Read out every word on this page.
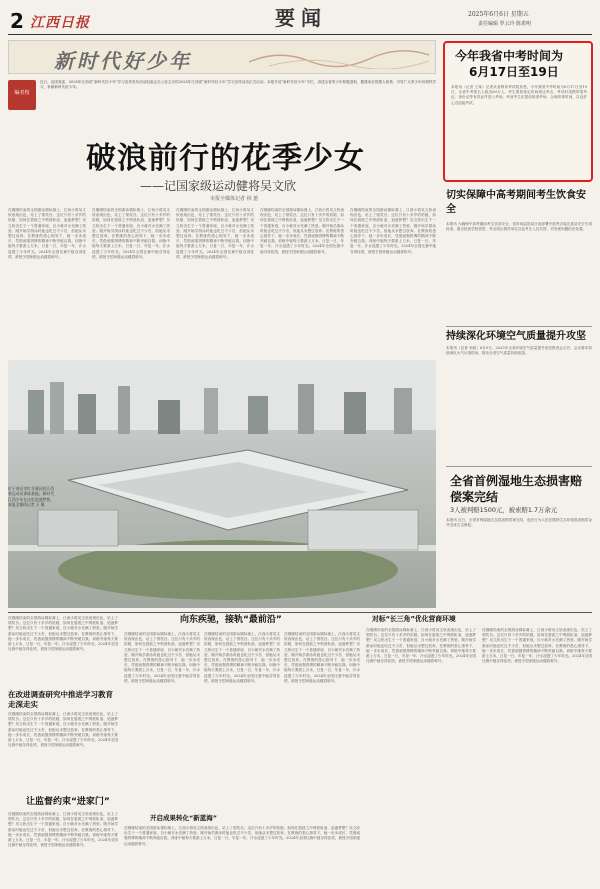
2 江西日报	要闻	2025年6月6日 星期五
责任编辑 罗云玲 陈希明
新时代好少年
编者按
近日，由团省委、2025年江西省“新时代好少年”学习宣传发布活动组委会办公室主办的2025年江西省“新时代好少年”学习宣传活动正式启动。本报开设“新时代好少年”专栏，讲述全省青少年积极进取、健康成长的感人故事，引导广大青少年向榜样学习，争做新时代好少年。
破浪前行的花季少女
——记国家级运动健将吴文欣
本报全媒体记者 林 蕙
在刚刚结束的全国游泳锦标赛上，江西小将吴文欣表现出色，站上了领奖台。这位只有十多岁的姑娘，如何在碧波之中劈波斩浪、追逐梦想？吴文欣出生于一个普通家庭，自小就对水充满了热爱。刚开始学游泳时她也吃过不少苦，但她从未想过放弃。在教练的悉心指导下，她一步步成长，凭借顽强拼搏的精神不断突破自我。训练中她每天要游上万米，日复一日，年复一年，汗水浸透了少年时光。2024年全国比赛中她夺得佳绩，被授予国家级运动健将称号。
在刚刚结束的全国游泳锦标赛上，江西小将吴文欣表现出色，站上了领奖台。这位只有十多岁的姑娘，如何在碧波之中劈波斩浪、追逐梦想？吴文欣出生于一个普通家庭，自小就对水充满了热爱。刚开始学游泳时她也吃过不少苦，但她从未想过放弃。在教练的悉心指导下，她一步步成长，凭借顽强拼搏的精神不断突破自我。训练中她每天要游上万米，日复一日，年复一年，汗水浸透了少年时光。2024年全国比赛中她夺得佳绩，被授予国家级运动健将称号。
在刚刚结束的全国游泳锦标赛上，江西小将吴文欣表现出色，站上了领奖台。这位只有十多岁的姑娘，如何在碧波之中劈波斩浪、追逐梦想？吴文欣出生于一个普通家庭，自小就对水充满了热爱。刚开始学游泳时她也吃过不少苦，但她从未想过放弃。在教练的悉心指导下，她一步步成长，凭借顽强拼搏的精神不断突破自我。训练中她每天要游上万米，日复一日，年复一年，汗水浸透了少年时光。2024年全国比赛中她夺得佳绩，被授予国家级运动健将称号。
在刚刚结束的全国游泳锦标赛上，江西小将吴文欣表现出色，站上了领奖台。这位只有十多岁的姑娘，如何在碧波之中劈波斩浪、追逐梦想？吴文欣出生于一个普通家庭，自小就对水充满了热爱。刚开始学游泳时她也吃过不少苦，但她从未想过放弃。在教练的悉心指导下，她一步步成长，凭借顽强拼搏的精神不断突破自我。训练中她每天要游上万米，日复一日，年复一年，汗水浸透了少年时光。2024年全国比赛中她夺得佳绩，被授予国家级运动健将称号。
在刚刚结束的全国游泳锦标赛上，江西小将吴文欣表现出色，站上了领奖台。这位只有十多岁的姑娘，如何在碧波之中劈波斩浪、追逐梦想？吴文欣出生于一个普通家庭，自小就对水充满了热爱。刚开始学游泳时她也吃过不少苦，但她从未想过放弃。在教练的悉心指导下，她一步步成长，凭借顽强拼搏的精神不断突破自我。训练中她每天要游上万米，日复一日，年复一年，汗水浸透了少年时光。2024年全国比赛中她夺得佳绩，被授予国家级运动健将称号。
位于南昌市红谷滩区的江西省运动员训练基地。新时代江西少年在这里追逐梦想。本报全媒体记者 王 摄
今年我省中考时间为
6月17日至19日
本报讯（记者 王琛）记者从省教育考试院获悉，今年我省中考时间为6月17日至19日，全省中考报名人数近60万人。考生要按规定时间到达考点，考试时须携带准考证、身份证等有效证件进入考场。考前考生应提前熟悉考场，合理安排时间，以良好心态迎接考试。
切实保障中高考期间考生饮食安全
本报讯 为确保中高考期间考生饮食安全，省市场监管局日前部署开展考点周边食品安全专项检查，重点检查学校食堂、考点周边餐饮单位以及考生入住宾馆，对发现问题依法处置。
持续深化环境空气质量提升攻坚
本报讯（记者 李政）6月5日，2025年全省环境空气质量提升攻坚推进会召开，会议要求持续深化大气污染防治，推动全省空气质量持续改善。
全省首例湿地生态损害赔偿案完结
3人被判赔1500元，被索赔1.7万余元
本报讯 近日，全省首例湿地生态损害赔偿案完结，违法行为人依法缴纳生态环境损害赔偿金并完成生态修复。
在刚刚结束的全国游泳锦标赛上，江西小将吴文欣表现出色，站上了领奖台。这位只有十多岁的姑娘，如何在碧波之中劈波斩浪、追逐梦想？吴文欣出生于一个普通家庭，自小就对水充满了热爱。刚开始学游泳时她也吃过不少苦，但她从未想过放弃。在教练的悉心指导下，她一步步成长，凭借顽强拼搏的精神不断突破自我。训练中她每天要游上万米，日复一日，年复一年，汗水浸透了少年时光。2024年全国比赛中她夺得佳绩，被授予国家级运动健将称号。
在改进调查研究中推进学习教育走深走实
在刚刚结束的全国游泳锦标赛上，江西小将吴文欣表现出色，站上了领奖台。这位只有十多岁的姑娘，如何在碧波之中劈波斩浪、追逐梦想？吴文欣出生于一个普通家庭，自小就对水充满了热爱。刚开始学游泳时她也吃过不少苦，但她从未想过放弃。在教练的悉心指导下，她一步步成长，凭借顽强拼搏的精神不断突破自我。训练中她每天要游上万米，日复一日，年复一年，汗水浸透了少年时光。2024年全国比赛中她夺得佳绩，被授予国家级运动健将称号。
让监督约束“进家门”
在刚刚结束的全国游泳锦标赛上，江西小将吴文欣表现出色，站上了领奖台。这位只有十多岁的姑娘，如何在碧波之中劈波斩浪、追逐梦想？吴文欣出生于一个普通家庭，自小就对水充满了热爱。刚开始学游泳时她也吃过不少苦，但她从未想过放弃。在教练的悉心指导下，她一步步成长，凭借顽强拼搏的精神不断突破自我。训练中她每天要游上万米，日复一日，年复一年，汗水浸透了少年时光。2024年全国比赛中她夺得佳绩，被授予国家级运动健将称号。
向东疾驰，接轨“最前沿”
在刚刚结束的全国游泳锦标赛上，江西小将吴文欣表现出色，站上了领奖台。这位只有十多岁的姑娘，如何在碧波之中劈波斩浪、追逐梦想？吴文欣出生于一个普通家庭，自小就对水充满了热爱。刚开始学游泳时她也吃过不少苦，但她从未想过放弃。在教练的悉心指导下，她一步步成长，凭借顽强拼搏的精神不断突破自我。训练中她每天要游上万米，日复一日，年复一年，汗水浸透了少年时光。2024年全国比赛中她夺得佳绩，被授予国家级运动健将称号。
在刚刚结束的全国游泳锦标赛上，江西小将吴文欣表现出色，站上了领奖台。这位只有十多岁的姑娘，如何在碧波之中劈波斩浪、追逐梦想？吴文欣出生于一个普通家庭，自小就对水充满了热爱。刚开始学游泳时她也吃过不少苦，但她从未想过放弃。在教练的悉心指导下，她一步步成长，凭借顽强拼搏的精神不断突破自我。训练中她每天要游上万米，日复一日，年复一年，汗水浸透了少年时光。2024年全国比赛中她夺得佳绩，被授予国家级运动健将称号。
在刚刚结束的全国游泳锦标赛上，江西小将吴文欣表现出色，站上了领奖台。这位只有十多岁的姑娘，如何在碧波之中劈波斩浪、追逐梦想？吴文欣出生于一个普通家庭，自小就对水充满了热爱。刚开始学游泳时她也吃过不少苦，但她从未想过放弃。在教练的悉心指导下，她一步步成长，凭借顽强拼搏的精神不断突破自我。训练中她每天要游上万米，日复一日，年复一年，汗水浸透了少年时光。2024年全国比赛中她夺得佳绩，被授予国家级运动健将称号。
开启成果转化“新蓝海”
在刚刚结束的全国游泳锦标赛上，江西小将吴文欣表现出色，站上了领奖台。这位只有十多岁的姑娘，如何在碧波之中劈波斩浪、追逐梦想？吴文欣出生于一个普通家庭，自小就对水充满了热爱。刚开始学游泳时她也吃过不少苦，但她从未想过放弃。在教练的悉心指导下，她一步步成长，凭借顽强拼搏的精神不断突破自我。训练中她每天要游上万米，日复一日，年复一年，汗水浸透了少年时光。2024年全国比赛中她夺得佳绩，被授予国家级运动健将称号。
对标“长三角”优化营商环境
在刚刚结束的全国游泳锦标赛上，江西小将吴文欣表现出色，站上了领奖台。这位只有十多岁的姑娘，如何在碧波之中劈波斩浪、追逐梦想？吴文欣出生于一个普通家庭，自小就对水充满了热爱。刚开始学游泳时她也吃过不少苦，但她从未想过放弃。在教练的悉心指导下，她一步步成长，凭借顽强拼搏的精神不断突破自我。训练中她每天要游上万米，日复一日，年复一年，汗水浸透了少年时光。2024年全国比赛中她夺得佳绩，被授予国家级运动健将称号。
在刚刚结束的全国游泳锦标赛上，江西小将吴文欣表现出色，站上了领奖台。这位只有十多岁的姑娘，如何在碧波之中劈波斩浪、追逐梦想？吴文欣出生于一个普通家庭，自小就对水充满了热爱。刚开始学游泳时她也吃过不少苦，但她从未想过放弃。在教练的悉心指导下，她一步步成长，凭借顽强拼搏的精神不断突破自我。训练中她每天要游上万米，日复一日，年复一年，汗水浸透了少年时光。2024年全国比赛中她夺得佳绩，被授予国家级运动健将称号。
